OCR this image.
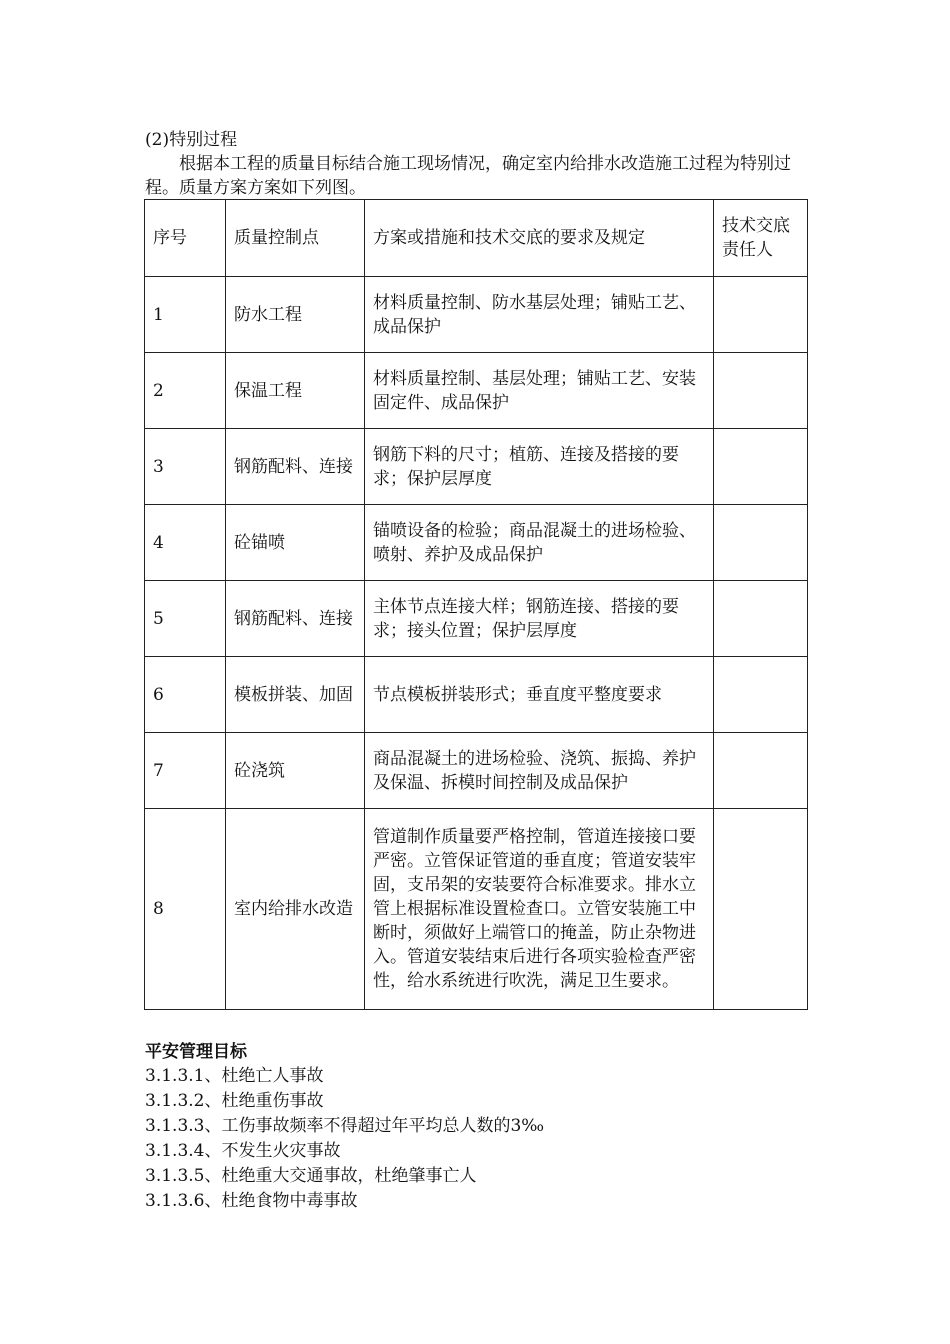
(2)特别过程
根据本工程的质量目标结合施工现场情况，确定室内给排水改造施工过程为特别过程。质量方案方案如下列图。
序号	质量控制点	方案或措施和技术交底的要求及规定	技术交底责任人
1	防水工程	材料质量控制、防水基层处理；铺贴工艺、成品保护	
2	保温工程	材料质量控制、基层处理；铺贴工艺、安装固定件、成品保护	
3	钢筋配料、连接	钢筋下料的尺寸；植筋、连接及搭接的要求；保护层厚度	
4	砼锚喷	锚喷设备的检验；商品混凝土的进场检验、喷射、养护及成品保护	
5	钢筋配料、连接	主体节点连接大样；钢筋连接、搭接的要求；接头位置；保护层厚度	
6	模板拼装、加固	节点模板拼装形式；垂直度平整度要求	
7	砼浇筑	商品混凝土的进场检验、浇筑、振捣、养护及保温、拆模时间控制及成品保护	
8	室内给排水改造	管道制作质量要严格控制，管道连接接口要严密。立管保证管道的垂直度；管道安装牢固，支吊架的安装要符合标准要求。排水立管上根据标准设置检查口。立管安装施工中断时，须做好上端管口的掩盖，防止杂物进入。管道安装结束后进行各项实验检查严密性，给水系统进行吹洗，满足卫生要求。	
平安管理目标
3.1.3.1、杜绝亡人事故
3.1.3.2、杜绝重伤事故
3.1.3.3、工伤事故频率不得超过年平均总人数的3‰
3.1.3.4、不发生火灾事故
3.1.3.5、杜绝重大交通事故，杜绝肇事亡人
3.1.3.6、杜绝食物中毒事故
